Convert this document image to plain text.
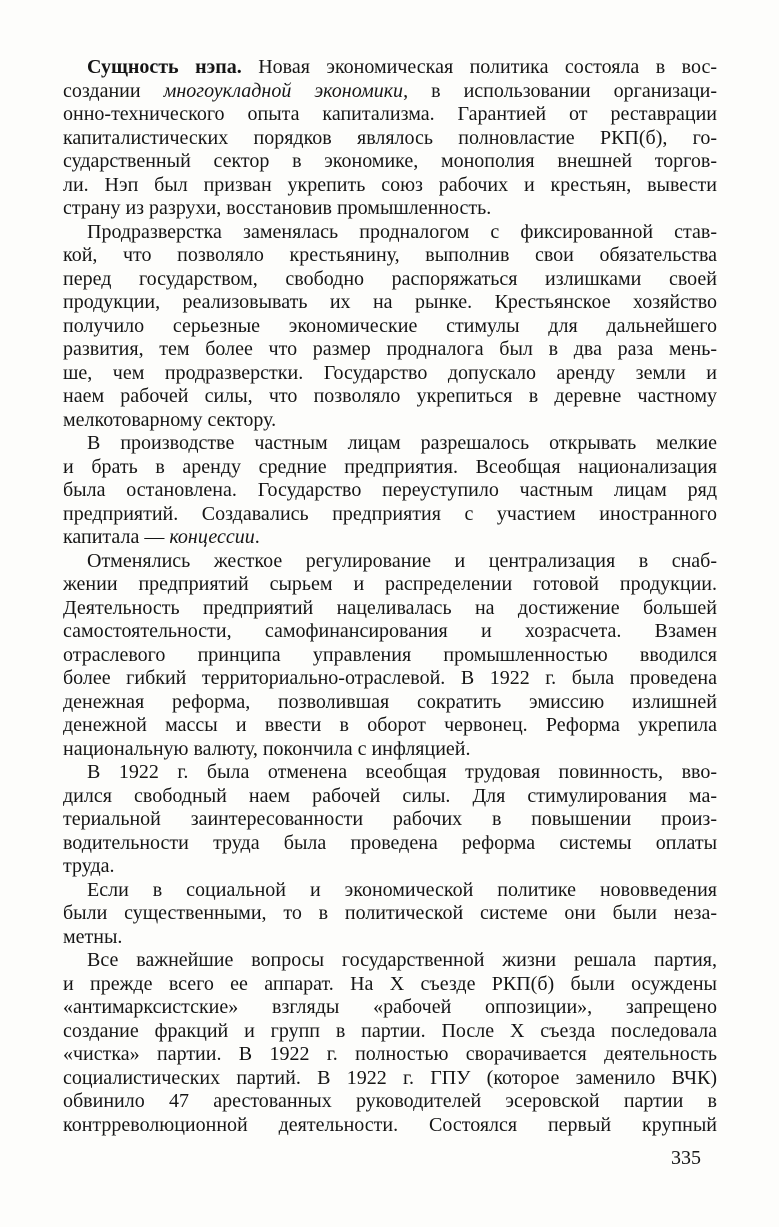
Сущность нэпа. Новая экономическая политика состояла в вос-
создании многоукладной экономики, в использовании организаци-
онно-технического опыта капитализма. Гарантией от реставрации
капиталистических порядков являлось полновластие РКП(б), го-
сударственный сектор в экономике, монополия внешней торгов-
ли. Нэп был призван укрепить союз рабочих и крестьян, вывести
страну из разрухи, восстановив промышленность.
Продразверстка заменялась продналогом с фиксированной став-
кой, что позволяло крестьянину, выполнив свои обязательства
перед государством, свободно распоряжаться излишками своей
продукции, реализовывать их на рынке. Крестьянское хозяйство
получило серьезные экономические стимулы для дальнейшего
развития, тем более что размер продналога был в два раза мень-
ше, чем продразверстки. Государство допускало аренду земли и
наем рабочей силы, что позволяло укрепиться в деревне частному
мелкотоварному сектору.
В производстве частным лицам разрешалось открывать мелкие
и брать в аренду средние предприятия. Всеобщая национализация
была остановлена. Государство переуступило частным лицам ряд
предприятий. Создавались предприятия с участием иностранного
капитала — концессии.
Отменялись жесткое регулирование и централизация в снаб-
жении предприятий сырьем и распределении готовой продукции.
Деятельность предприятий нацеливалась на достижение большей
самостоятельности, самофинансирования и хозрасчета. Взамен
отраслевого принципа управления промышленностью вводился
более гибкий территориально-отраслевой. В 1922 г. была проведена
денежная реформа, позволившая сократить эмиссию излишней
денежной массы и ввести в оборот червонец. Реформа укрепила
национальную валюту, покончила с инфляцией.
В 1922 г. была отменена всеобщая трудовая повинность, вво-
дился свободный наем рабочей силы. Для стимулирования ма-
териальной заинтересованности рабочих в повышении произ-
водительности труда была проведена реформа системы оплаты
труда.
Если в социальной и экономической политике нововведения
были существенными, то в политической системе они были неза-
метны.
Все важнейшие вопросы государственной жизни решала партия,
и прежде всего ее аппарат. На X съезде РКП(б) были осуждены
«антимарксистские» взгляды «рабочей оппозиции», запрещено
создание фракций и групп в партии. После X съезда последовала
«чистка» партии. В 1922 г. полностью сворачивается деятельность
социалистических партий. В 1922 г. ГПУ (которое заменило ВЧК)
обвинило 47 арестованных руководителей эсеровской партии в
контрреволюционной деятельности. Состоялся первый крупный
335
